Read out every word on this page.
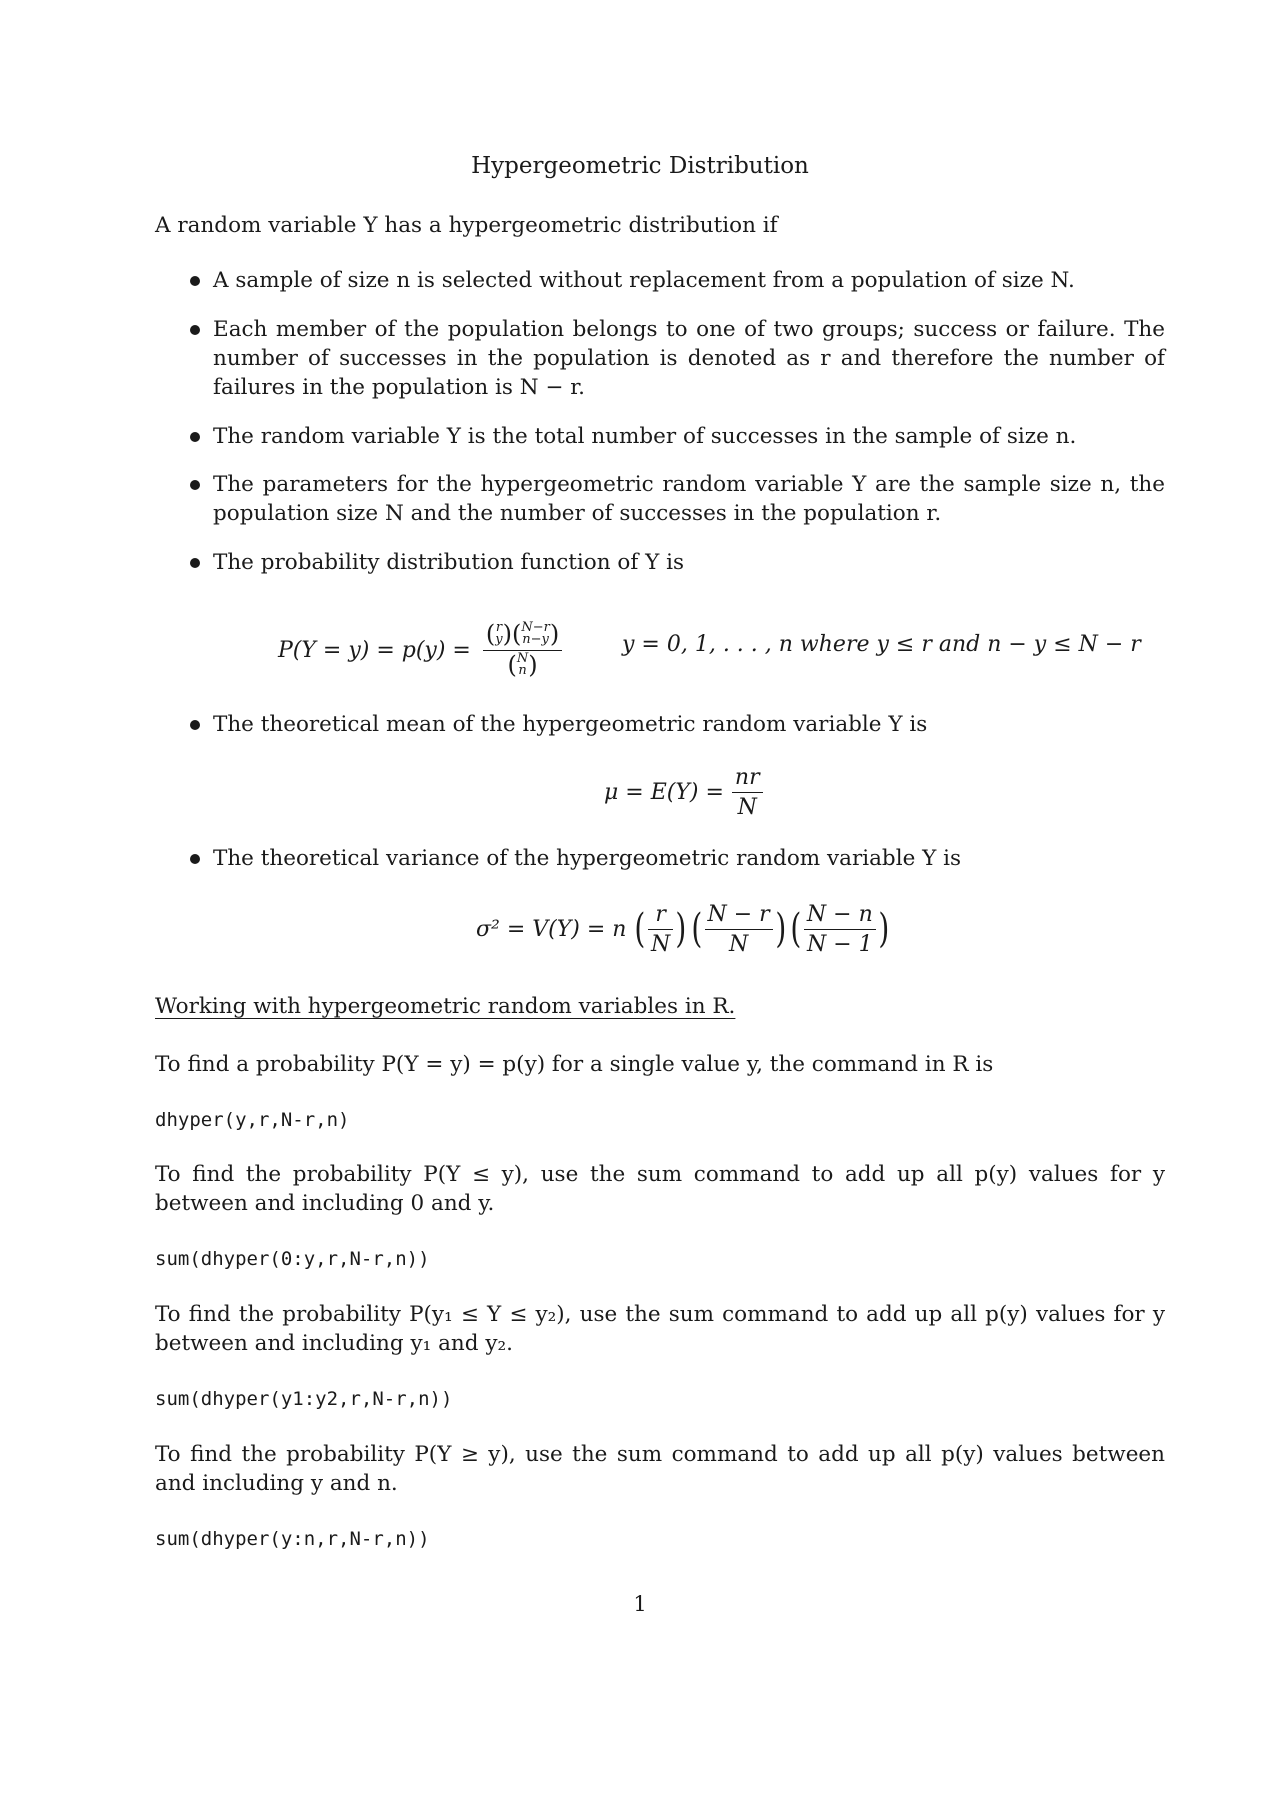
Hypergeometric Distribution
A random variable Y has a hypergeometric distribution if
A sample of size n is selected without replacement from a population of size N.
Each member of the population belongs to one of two groups; success or failure. The number of successes in the population is denoted as r and therefore the number of failures in the population is N − r.
The random variable Y is the total number of successes in the sample of size n.
The parameters for the hypergeometric random variable Y are the sample size n, the population size N and the number of successes in the population r.
The probability distribution function of Y is
P(Y = y) = p(y) = ( r
y ) ( N−r
n−y )
( N
n )	y = 0, 1, . . . , n where y ≤ r and n − y ≤ N − r
The theoretical mean of the hypergeometric random variable Y is
$\mu = E(Y) = \frac{nr}{N}$
The theoretical variance of the hypergeometric random variable Y is
σ² = V(Y) = n ( $\frac{r}{N}$ ) ( $\frac{N - r}{N}$ ) ( $\frac{N - n}{N - 1}$ )
Working with hypergeometric random variables in R.
To find a probability P(Y = y) = p(y) for a single value y, the command in R is
dhyper(y,r,N-r,n)
To find the probability P(Y ≤ y), use the sum command to add up all p(y) values for y between and including 0 and y.
sum(dhyper(0:y,r,N-r,n))
To find the probability P(y₁ ≤ Y ≤ y₂), use the sum command to add up all p(y) values for y between and including y₁ and y₂.
sum(dhyper(y1:y2,r,N-r,n))
To find the probability P(Y ≥ y), use the sum command to add up all p(y) values between and including y and n.
sum(dhyper(y:n,r,N-r,n))
1
